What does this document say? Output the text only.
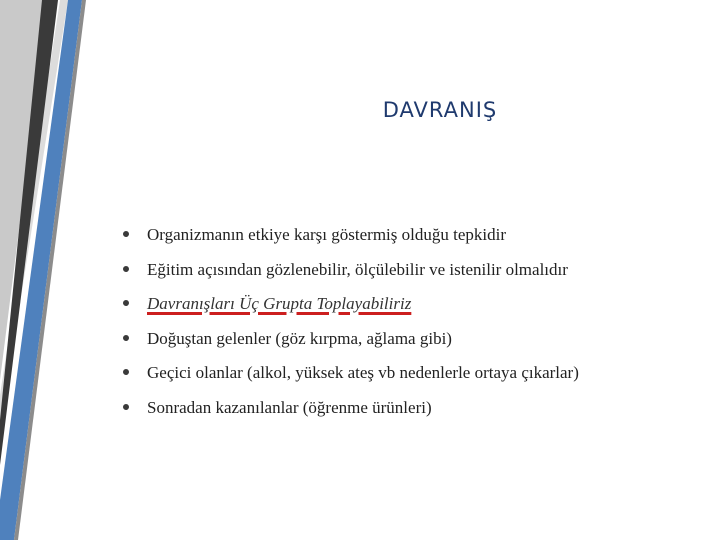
DAVRANIŞ
Organizmanın etkiye karşı göstermiş olduğu tepkidir
Eğitim açısından gözlenebilir, ölçülebilir ve istenilir olmalıdır
Davranışları Üç Grupta Toplayabiliriz
Doğuştan gelenler (göz kırpma, ağlama gibi)
Geçici olanlar (alkol, yüksek ateş vb nedenlerle ortaya çıkarlar)
Sonradan kazanılanlar (öğrenme ürünleri)
